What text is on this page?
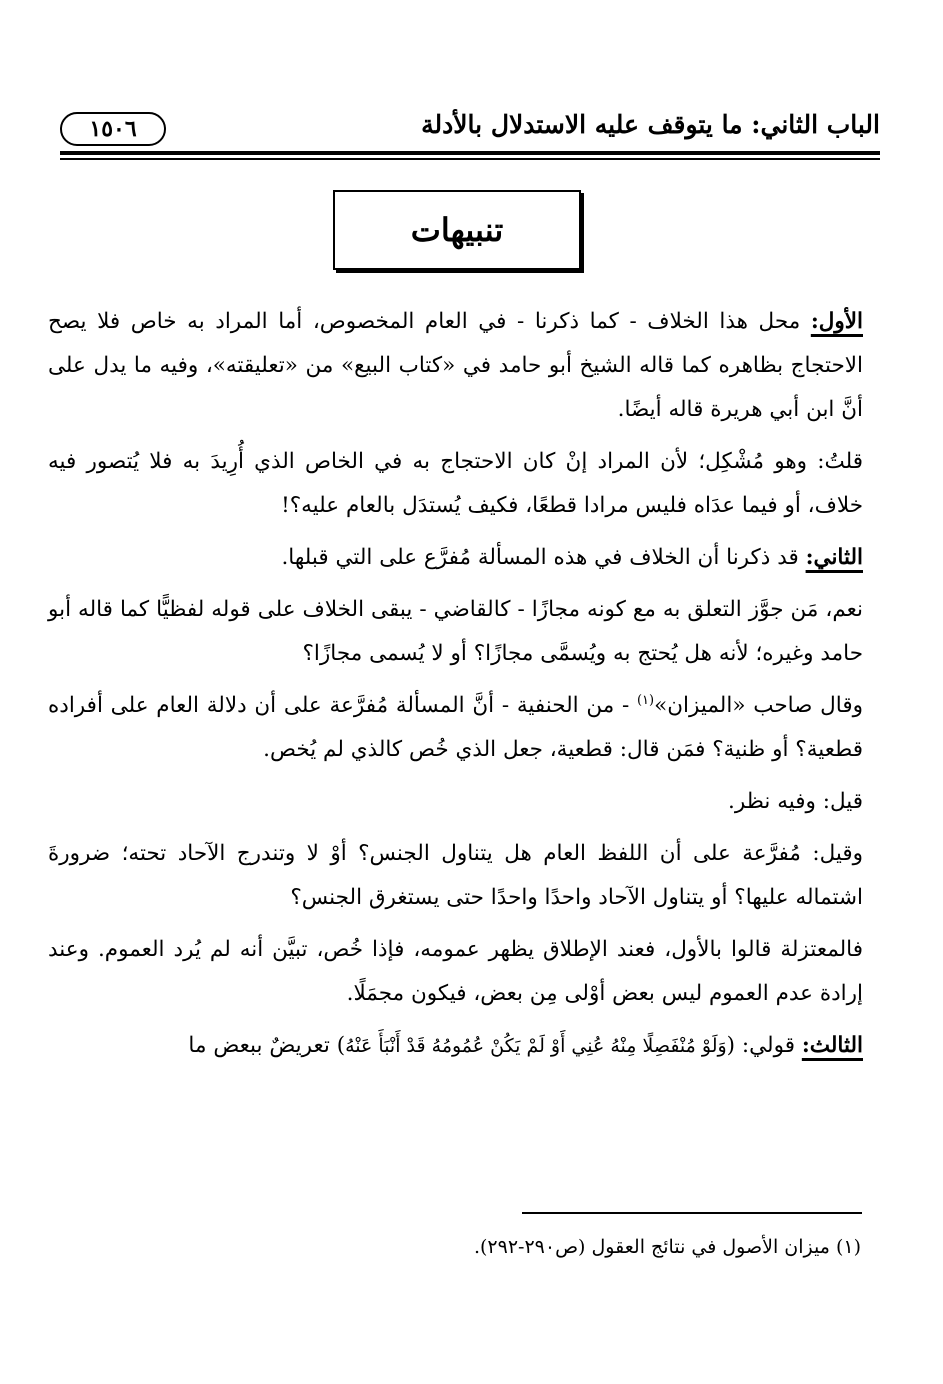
الباب الثاني: ما يتوقف عليه الاستدلال بالأدلة
١٥٠٦
تنبيهات

الأول: محل هذا الخلاف - كما ذكرنا - في العام المخصوص، أما المراد به خاص فلا يصح الاحتجاج بظاهره كما قاله الشيخ أبو حامد في «كتاب البيع» من «تعليقته»، وفيه ما يدل على أنَّ ابن أبي هريرة قاله أيضًا.

قلتُ: وهو مُشْكِل؛ لأن المراد إنْ كان الاحتجاج به في الخاص الذي أُرِيدَ به فلا يُتصور فيه خلاف، أو فيما عدَاه فليس مرادا قطعًا، فكيف يُستدَل بالعام عليه؟!

الثاني: قد ذكرنا أن الخلاف في هذه المسألة مُفرَّع على التي قبلها.

نعم، مَن جوَّز التعلق به مع كونه مجازًا - كالقاضي - يبقى الخلاف على قوله لفظيًّا كما قاله أبو حامد وغيره؛ لأنه هل يُحتج به ويُسمَّى مجازًا؟ أو لا يُسمى مجازًا؟

وقال صاحب «الميزان»$^{(١)}$ - من الحنفية - أنَّ المسألة مُفرَّعة على أن دلالة العام على أفراده قطعية؟ أو ظنية؟ فمَن قال: قطعية، جعل الذي خُص كالذي لم يُخص.

قيل: وفيه نظر.

وقيل: مُفرَّعة على أن اللفظ العام هل يتناول الجنس؟ أوْ لا وتندرج الآحاد تحته؛ ضرورةَ اشتماله عليها؟ أو يتناول الآحاد واحدًا واحدًا حتى يستغرق الجنس؟

فالمعتزلة قالوا بالأول، فعند الإطلاق يظهر عمومه، فإذا خُص، تبيَّن أنه لم يُرد العموم. وعند إرادة عدم العموم ليس بعض أوْلى مِن بعض، فيكون مجمَلًا.

الثالث: قولي: (وَلَوْ مُنْفَصِلًا مِنْهُ عُنِي أَوْ لَمْ يَكُنْ عُمُومُهُ قَدْ أَنْبَأَ عَنْهُ) تعريضٌ ببعض ما

(١) ميزان الأصول في نتائج العقول (ص٢٩٠-٢٩٢).
